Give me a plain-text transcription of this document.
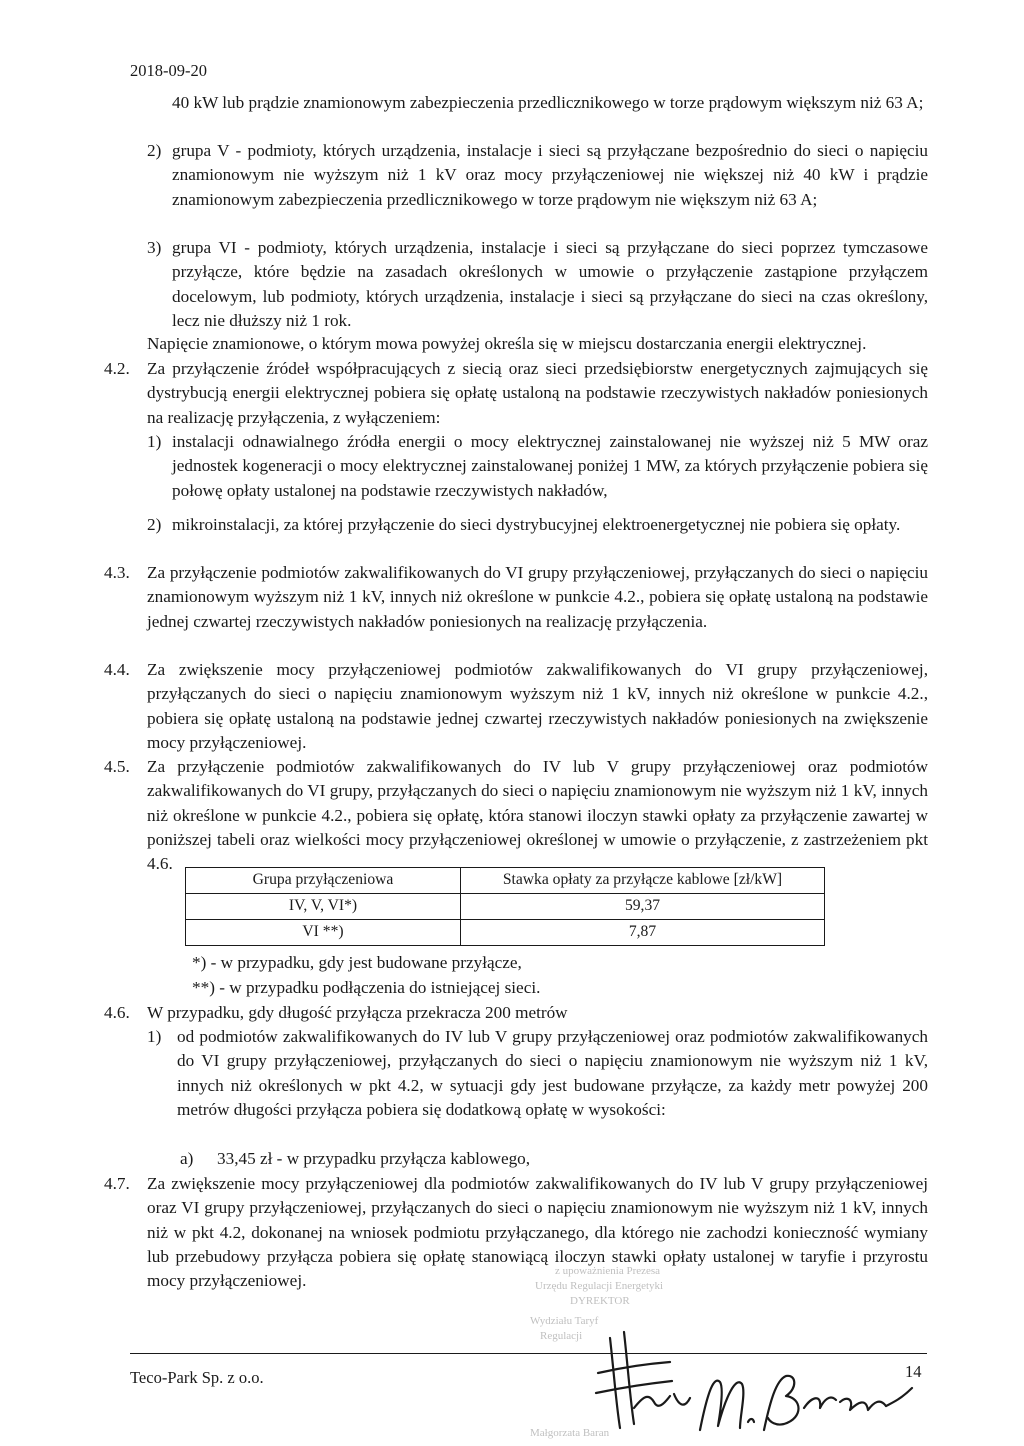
2018-09-20
40 kW lub prądzie znamionowym zabezpieczenia przedlicznikowego w torze prądowym większym niż 63 A;
2) grupa V - podmioty, których urządzenia, instalacje i sieci są przyłączane bezpośrednio do sieci o napięciu znamionowym nie wyższym niż 1 kV oraz mocy przyłączeniowej nie większej niż 40 kW i prądzie znamionowym zabezpieczenia przedlicznikowego w torze prądowym nie większym niż 63 A;
3) grupa VI - podmioty, których urządzenia, instalacje i sieci są przyłączane do sieci poprzez tymczasowe przyłącze, które będzie na zasadach określonych w umowie o przyłączenie zastąpione przyłączem docelowym, lub podmioty, których urządzenia, instalacje i sieci są przyłączane do sieci na czas określony, lecz nie dłuższy niż 1 rok.
Napięcie znamionowe, o którym mowa powyżej określa się w miejscu dostarczania energii elektrycznej.
4.2.	Za przyłączenie źródeł współpracujących z siecią oraz sieci przedsiębiorstw energetycznych zajmujących się dystrybucją energii elektrycznej pobiera się opłatę ustaloną na podstawie rzeczywistych nakładów poniesionych na realizację przyłączenia, z wyłączeniem:
1) instalacji odnawialnego źródła energii o mocy elektrycznej zainstalowanej nie wyższej niż 5 MW oraz jednostek kogeneracji o mocy elektrycznej zainstalowanej poniżej 1 MW, za których przyłączenie pobiera się połowę opłaty ustalonej na podstawie rzeczywistych nakładów,
2) mikroinstalacji, za której przyłączenie do sieci dystrybucyjnej elektroenergetycznej nie pobiera się opłaty.
4.3.	Za przyłączenie podmiotów zakwalifikowanych do VI grupy przyłączeniowej, przyłączanych do sieci o napięciu znamionowym wyższym niż 1 kV, innych niż określone w punkcie 4.2., pobiera się opłatę ustaloną na podstawie jednej czwartej rzeczywistych nakładów poniesionych na realizację przyłączenia.
4.4.	Za zwiększenie mocy przyłączeniowej podmiotów zakwalifikowanych do VI grupy przyłączeniowej, przyłączanych do sieci o napięciu znamionowym wyższym niż 1 kV, innych niż określone w punkcie 4.2., pobiera się opłatę ustaloną na podstawie jednej czwartej rzeczywistych nakładów poniesionych na zwiększenie mocy przyłączeniowej.
4.5.	Za przyłączenie podmiotów zakwalifikowanych do IV lub V grupy przyłączeniowej oraz podmiotów zakwalifikowanych do VI grupy, przyłączanych do sieci o napięciu znamionowym nie wyższym niż 1 kV, innych niż określone w punkcie 4.2., pobiera się opłatę, która stanowi iloczyn stawki opłaty za przyłączenie zawartej w poniższej tabeli oraz wielkości mocy przyłączeniowej określonej w umowie o przyłączenie, z zastrzeżeniem pkt 4.6.
Grupa przyłączeniowa	Stawka opłaty za przyłącze kablowe [zł/kW]
IV, V, VI*)	59,37
VI **)	7,87
*) - w przypadku, gdy jest budowane przyłącze,
**) - w przypadku podłączenia do istniejącej sieci.
4.6.	W przypadku, gdy długość przyłącza przekracza 200 metrów
1) od podmiotów zakwalifikowanych do IV lub V grupy przyłączeniowej oraz podmiotów zakwalifikowanych do VI grupy przyłączeniowej, przyłączanych do sieci o napięciu znamionowym nie wyższym niż 1 kV, innych niż określonych w pkt 4.2, w sytuacji gdy jest budowane przyłącze, za każdy metr powyżej 200 metrów długości przyłącza pobiera się dodatkową opłatę w wysokości:
a)	33,45 zł - w przypadku przyłącza kablowego,
4.7.	Za zwiększenie mocy przyłączeniowej dla podmiotów zakwalifikowanych do IV lub V grupy przyłączeniowej oraz VI grupy przyłączeniowej, przyłączanych do sieci o napięciu znamionowym nie wyższym niż 1 kV, innych niż w pkt 4.2, dokonanej na wniosek podmiotu przyłączanego, dla którego nie zachodzi konieczność wymiany lub przebudowy przyłącza pobiera się opłatę stanowiącą iloczyn stawki opłaty ustalonej w taryfie i przyrostu mocy przyłączeniowej.
z upoważnienia Prezesa
Urzędu Regulacji Energetyki
DYREKTOR
Wydziału Taryf
Regulacji
Małgorzata Baran
Teco-Park Sp. z o.o.	14
